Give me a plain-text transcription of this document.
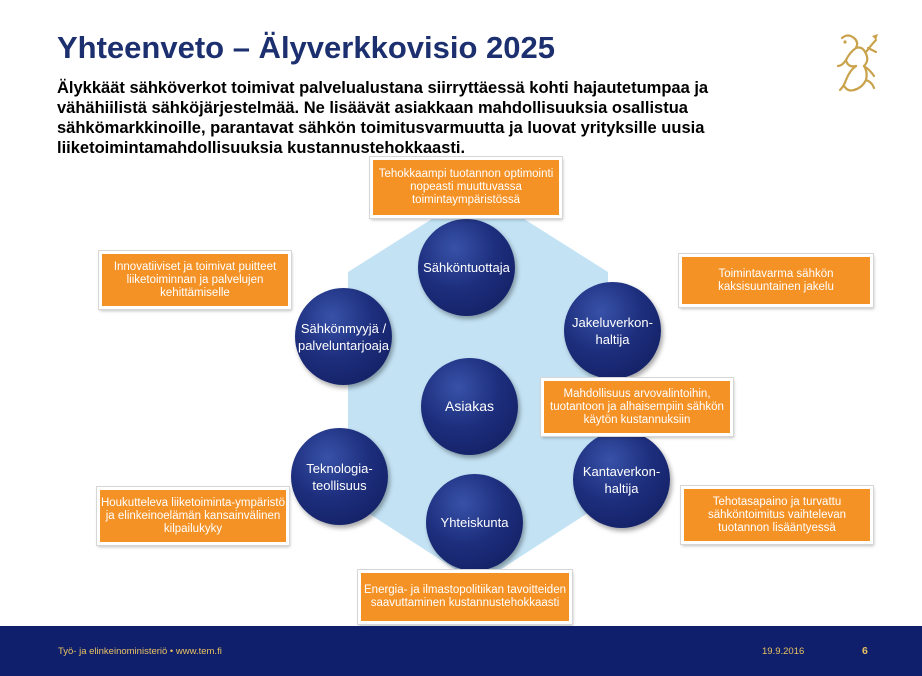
Yhteenveto – Älyverkkovisio 2025
Älykkäät sähköverkot toimivat palvelualustana siirryttäessä kohti hajautetumpaa ja vähähiilistä sähköjärjestelmää. Ne lisäävät asiakkaan mahdollisuuksia osallistua sähkömarkkinoille, parantavat sähkön toimitusvarmuutta ja luovat yrityksille uusia liiketoimintamahdollisuuksia kustannustehokkaasti.
Asiakas
Sähköntuottaja
Jakeluverkon-haltija
Kantaverkon-haltija
Yhteiskunta
Teknologia-teollisuus
Sähkönmyyjä / palveluntarjoaja
Tehokkaampi tuotannon optimointi nopeasti muuttuvassa toimintaympäristössä
Innovatiiviset ja toimivat puitteet liiketoiminnan ja palvelujen kehittämiselle
Toimintavarma sähkön kaksisuuntainen jakelu
Mahdollisuus arvovalintoihin, tuotantoon ja alhaisempiin sähkön käytön kustannuksiin
Tehotasapaino ja turvattu sähköntoimitus vaihtelevan tuotannon lisääntyessä
Houkutteleva liiketoiminta-ympäristö ja elinkeinoelämän kansainvälinen kilpailukyky
Energia- ja ilmastopolitiikan tavoitteiden saavuttaminen kustannustehokkaasti
Työ- ja elinkeinoministeriö • www.tem.fi	19.9.2016	6
